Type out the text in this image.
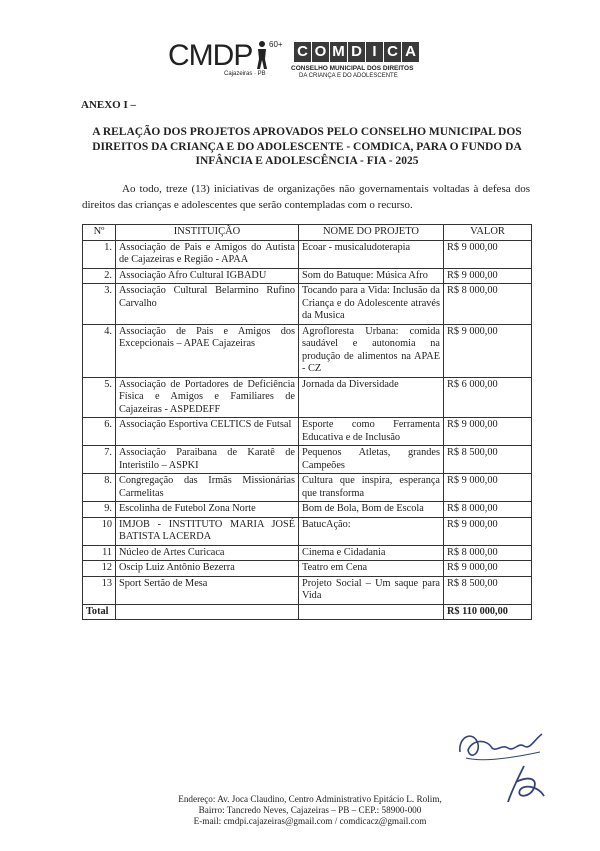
CMDP 60+
Cajazeiras · PB
C O M D I C A
CONSELHO MUNICIPAL DOS DIREITOS
DA CRIANÇA E DO ADOLESCENTE
ANEXO I –
A RELAÇÃO DOS PROJETOS APROVADOS PELO CONSELHO MUNICIPAL DOS DIREITOS DA CRIANÇA E DO ADOLESCENTE - COMDICA, PARA O FUNDO DA INFÂNCIA E ADOLESCÊNCIA - FIA - 2025
Ao todo, treze (13) iniciativas de organizações não governamentais voltadas à defesa dos direitos das crianças e adolescentes que serão contempladas com o recurso.
Nº	INSTITUIÇÃO	NOME DO PROJETO	VALOR
1.	Associação de Pais e Amigos do Autista de Cajazeiras e Região - APAA	Ecoar - musicaludoterapia	R$ 9 000,00
2.	Associação Afro Cultural IGBADU	Som do Batuque: Música Afro	R$ 9 000,00
3.	Associação Cultural Belarmino Rufino Carvalho	Tocando para a Vida: Inclusão da Criança e do Adolescente através da Musica	R$ 8 000,00
4.	Associação de Pais e Amigos dos Excepcionais – APAE Cajazeiras	Agrofloresta Urbana: comida saudável e autonomia na produção de alimentos na APAE - CZ	R$ 9 000,00
5.	Associação de Portadores de Deficiência Física e Amigos e Familiares de Cajazeiras - ASPEDEFF	Jornada da Diversidade	R$ 6 000,00
6.	Associação Esportiva CELTICS de Futsal	Esporte como Ferramenta Educativa e de Inclusão	R$ 9 000,00
7.	Associação Paraibana de Karatê de Interistilo – ASPKI	Pequenos Atletas, grandes Campeões	R$ 8 500,00
8.	Congregação das Irmãs Missionárias Carmelitas	Cultura que inspira, esperança que transforma	R$ 9 000,00
9.	Escolinha de Futebol Zona Norte	Bom de Bola, Bom de Escola	R$ 8 000,00
10	IMJOB - INSTITUTO MARIA JOSÉ BATISTA LACERDA	BatucAção:	R$ 9 000,00
11	Núcleo de Artes Curicaca	Cinema e Cidadania	R$ 8 000,00
12	Oscip Luiz Antônio Bezerra	Teatro em Cena	R$ 9 000,00
13	Sport Sertão de Mesa	Projeto Social – Um saque para Vida	R$ 8 500,00
Total			R$ 110 000,00
Endereço: Av. Joca Claudino, Centro Administrativo Epitácio L. Rolim,
Bairro: Tancredo Neves, Cajazeiras – PB – CEP.: 58900-000
E-mail: cmdpi.cajazeiras@gmail.com / comdicacz@gmail.com
